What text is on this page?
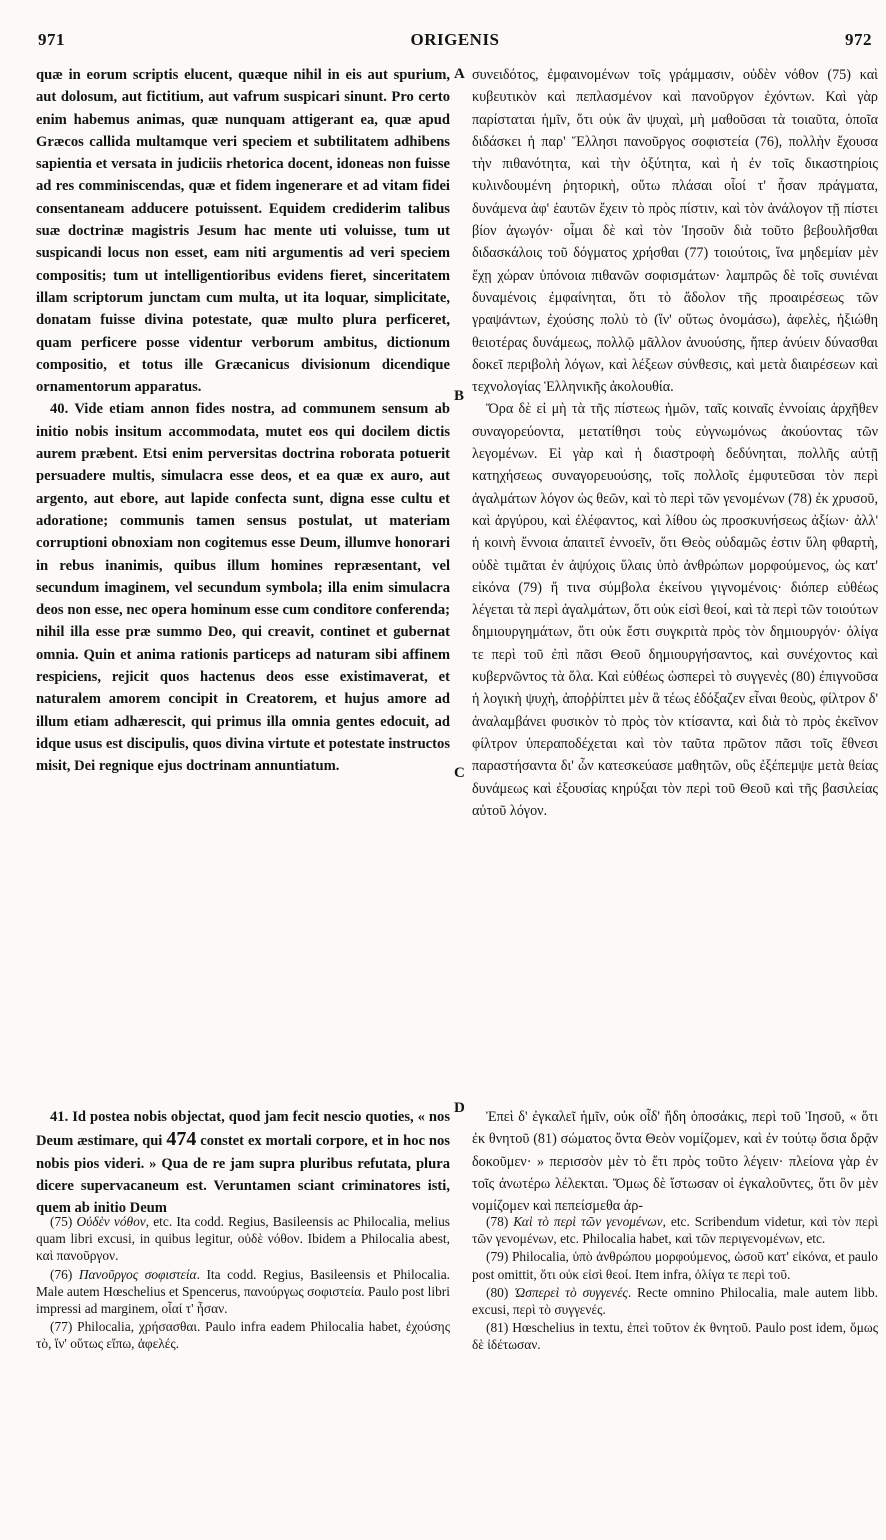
971	ORIGENIS	972
A
B
C
D

quæ in eorum scriptis elucent, quæque nihil in eis aut spurium, aut dolosum, aut fictitium, aut vafrum suspicari sinunt. Pro certo enim habemus animas, quæ nunquam attigerant ea, quæ apud Græcos callida multamque veri speciem et subtilitatem adhibens sapientia et versata in judiciis rhetorica docent, idoneas non fuisse ad res comminiscendas, quæ et fidem ingenerare et ad vitam fidei consentaneam adducere potuissent. Equidem crediderim talibus suæ doctrinæ magistris Jesum hac mente uti voluisse, tum ut suspicandi locus non esset, eam niti argumentis ad veri speciem compositis; tum ut intelligentioribus evidens fieret, sinceritatem illam scriptorum junctam cum multa, ut ita loquar, simplicitate, donatam fuisse divina potestate, quæ multo plura perficeret, quam perficere posse videntur verborum ambitus, dictionum compositio, et totus ille Græcanicus divisionum dicendique ornamentorum apparatus.

40. Vide etiam annon fides nostra, ad communem sensum ab initio nobis insitum accommodata, mutet eos qui docilem dictis aurem præbent. Etsi enim perversitas doctrina roborata potuerit persuadere multis, simulacra esse deos, et ea quæ ex auro, aut argento, aut ebore, aut lapide confecta sunt, digna esse cultu et adoratione; communis tamen sensus postulat, ut materiam corruptioni obnoxiam non cogitemus esse Deum, illumve honorari in rebus inanimis, quibus illum homines repræsentant, vel secundum imaginem, vel secundum symbola; illa enim simulacra deos non esse, nec opera hominum esse cum conditore conferenda; nihil illa esse præ summo Deo, qui creavit, continet et gubernat omnia. Quin et anima rationis particeps ad naturam sibi affinem respiciens, rejicit quos hactenus deos esse existimaverat, et naturalem amorem concipit in Creatorem, et hujus amore ad illum etiam adhærescit, qui primus illa omnia gentes edocuit, ad idque usus est discipulis, quos divina virtute et potestate instructos misit, Dei regnique ejus doctrinam annuntiatum.

41. Id postea nobis objectat, quod jam fecit nescio quoties, « nos Deum æstimare, qui 474 constet ex mortali corpore, et in hoc nos nobis pios videri. » Qua de re jam supra pluribus refutata, plura dicere supervacaneum est. Veruntamen sciant criminatores isti, quem ab initio Deum

συνειδότος, ἐμφαινομένων τοῖς γράμμασιν, οὐδὲν νόθον (75) καὶ κυβευτικὸν καὶ πεπλασμένον καὶ πανοῦργον ἐχόντων. Καὶ γὰρ παρίσταται ἡμῖν, ὅτι οὐκ ἂν ψυχαὶ, μὴ μαθοῦσαι τὰ τοιαῦτα, ὁποῖα διδάσκει ἡ παρ' Ἕλλησι πανοῦργος σοφιστεία (76), πολλὴν ἔχουσα τὴν πιθανότητα, καὶ τὴν ὀξύτητα, καὶ ἡ ἐν τοῖς δικαστηρίοις κυλινδουμένη ῥητορικὴ, οὕτω πλάσαι οἷοί τ' ἦσαν πράγματα, δυνάμενα ἀφ' ἑαυτῶν ἔχειν τὸ πρὸς πίστιν, καὶ τὸν ἀνάλογον τῇ πίστει βίον ἀγωγόν· οἶμαι δὲ καὶ τὸν Ἰησοῦν διὰ τοῦτο βεβουλῆσθαι διδασκάλοις τοῦ δόγματος χρήσθαι (77) τοιούτοις, ἵνα μηδεμίαν μὲν ἔχῃ χώραν ὑπόνοια πιθανῶν σοφισμάτων· λαμπρῶς δὲ τοῖς συνιέναι δυναμένοις ἐμφαίνηται, ὅτι τὸ ἄδολον τῆς προαιρέσεως τῶν γραψάντων, ἐχούσης πολὺ τὸ (ἵν' οὕτως ὀνομάσω), ἀφελὲς, ἠξιώθη θειοτέρας δυνάμεως, πολλῷ μᾶλλον ἀνυούσης, ἤπερ ἀνύειν δύνασθαι δοκεῖ περιβολὴ λόγων, καὶ λέξεων σύνθεσις, καὶ μετὰ διαιρέσεων καὶ τεχνολογίας Ἑλληνικῆς ἀκολουθία.

Ὅρα δὲ εἰ μὴ τὰ τῆς πίστεως ἡμῶν, ταῖς κοιναῖς ἐννοίαις ἀρχῆθεν συναγορεύοντα, μετατίθησι τοὺς εὐγνωμόνως ἀκούοντας τῶν λεγομένων. Εἰ γὰρ καὶ ἡ διαστροφὴ δεδύνηται, πολλῆς αὐτῇ κατηχήσεως συναγορευούσης, τοῖς πολλοῖς ἐμφυτεῦσαι τὸν περὶ ἀγαλμάτων λόγον ὡς θεῶν, καὶ τὸ περὶ τῶν γενομένων (78) ἐκ χρυσοῦ, καὶ ἀργύρου, καὶ ἐλέφαντος, καὶ λίθου ὡς προσκυνήσεως ἀξίων· ἀλλ' ἡ κοινὴ ἔννοια ἀπαιτεῖ ἐννοεῖν, ὅτι Θεὸς οὐδαμῶς ἐστιν ὕλη φθαρτὴ, οὐδὲ τιμᾶται ἐν ἀψύχοις ὕλαις ὑπὸ ἀνθρώπων μορφούμενος, ὡς κατ' εἰκόνα (79) ἤ τινα σύμβολα ἐκείνου γιγνομένοις· διόπερ εὐθέως λέγεται τὰ περὶ ἀγαλμάτων, ὅτι οὐκ εἰσὶ θεοί, καὶ τὰ περὶ τῶν τοιούτων δημιουργημάτων, ὅτι οὐκ ἔστι συγκριτὰ πρὸς τὸν δημιουργόν· ὀλίγα τε περὶ τοῦ ἐπὶ πᾶσι Θεοῦ δημιουργήσαντος, καὶ συνέχοντος καὶ κυβερνῶντος τὰ ὅλα. Καὶ εὐθέως ὡσπερεὶ τὸ συγγενὲς (80) ἐπιγνοῦσα ἡ λογικὴ ψυχὴ, ἀποῤῥίπτει μὲν ἃ τέως ἐδόξαζεν εἶναι θεοὺς, φίλτρον δ' ἀναλαμβάνει φυσικὸν τὸ πρὸς τὸν κτίσαντα, καὶ διὰ τὸ πρὸς ἐκεῖνον φίλτρον ὑπεραποδέχεται καὶ τὸν ταῦτα πρῶτον πᾶσι τοῖς ἔθνεσι παραστήσαντα δι' ὧν κατεσκεύασε μαθητῶν, οὓς ἐξέπεμψε μετὰ θείας δυνάμεως καὶ ἐξουσίας κηρύξαι τὸν περὶ τοῦ Θεοῦ καὶ τῆς βασιλείας αὐτοῦ λόγον.

Ἐπεὶ δ' ἐγκαλεῖ ἡμῖν, οὐκ οἶδ' ἤδη ὁποσάκις, περὶ τοῦ Ἰησοῦ, « ὅτι ἐκ θνητοῦ (81) σώματος ὄντα Θεὸν νομίζομεν, καὶ ἐν τούτῳ ὅσια δρᾷν δοκοῦμεν· » περισσὸν μὲν τὸ ἔτι πρὸς τοῦτο λέγειν· πλείονα γὰρ ἐν τοῖς ἀνωτέρω λέλεκται. Ὅμως δὲ ἴστωσαν οἱ ἐγκαλοῦντες, ὅτι ὃν μὲν νομίζομεν καὶ πεπείσμεθα ἀρ-

(75) Οὐδὲν νόθον, etc. Ita codd. Regius, Basileensis ac Philocalia, melius quam libri excusi, in quibus legitur, οὐδὲ νόθον. Ibidem a Philocalia abest, καὶ πανοῦργον.

(76) Πανοῦργος σοφιστεία. Ita codd. Regius, Basileensis et Philocalia. Male autem Hœschelius et Spencerus, πανούργως σοφιστεία. Paulo post libri impressi ad marginem, οἷαί τ' ἦσαν.

(77) Philocalia, χρήσασθαι. Paulo infra eadem Philocalia habet, ἐχούσης τὸ, ἵν' οὕτως εἴπω, ἀφελές.

(78) Καὶ τὸ περὶ τῶν γενομένων, etc. Scribendum videtur, καὶ τὸν περὶ τῶν γενομένων, etc. Philocalia habet, καὶ τῶν περιγενομένων, etc.

(79) Philocalia, ὑπὸ ἀνθρώπου μορφούμενος, ὡσοῦ κατ' εἰκόνα, et paulo post omittit, ὅτι οὐκ εἰσὶ θεοί. Item infra, ὀλίγα τε περὶ τοῦ.

(80) Ὡσπερεὶ τὸ συγγενές. Recte omnino Philocalia, male autem libb. excusi, περὶ τὸ συγγενές.

(81) Hœschelius in textu, ἐπεὶ τοῦτον ἐκ θνητοῦ. Paulo post idem, ὅμως δὲ ἰδέτωσαν.
